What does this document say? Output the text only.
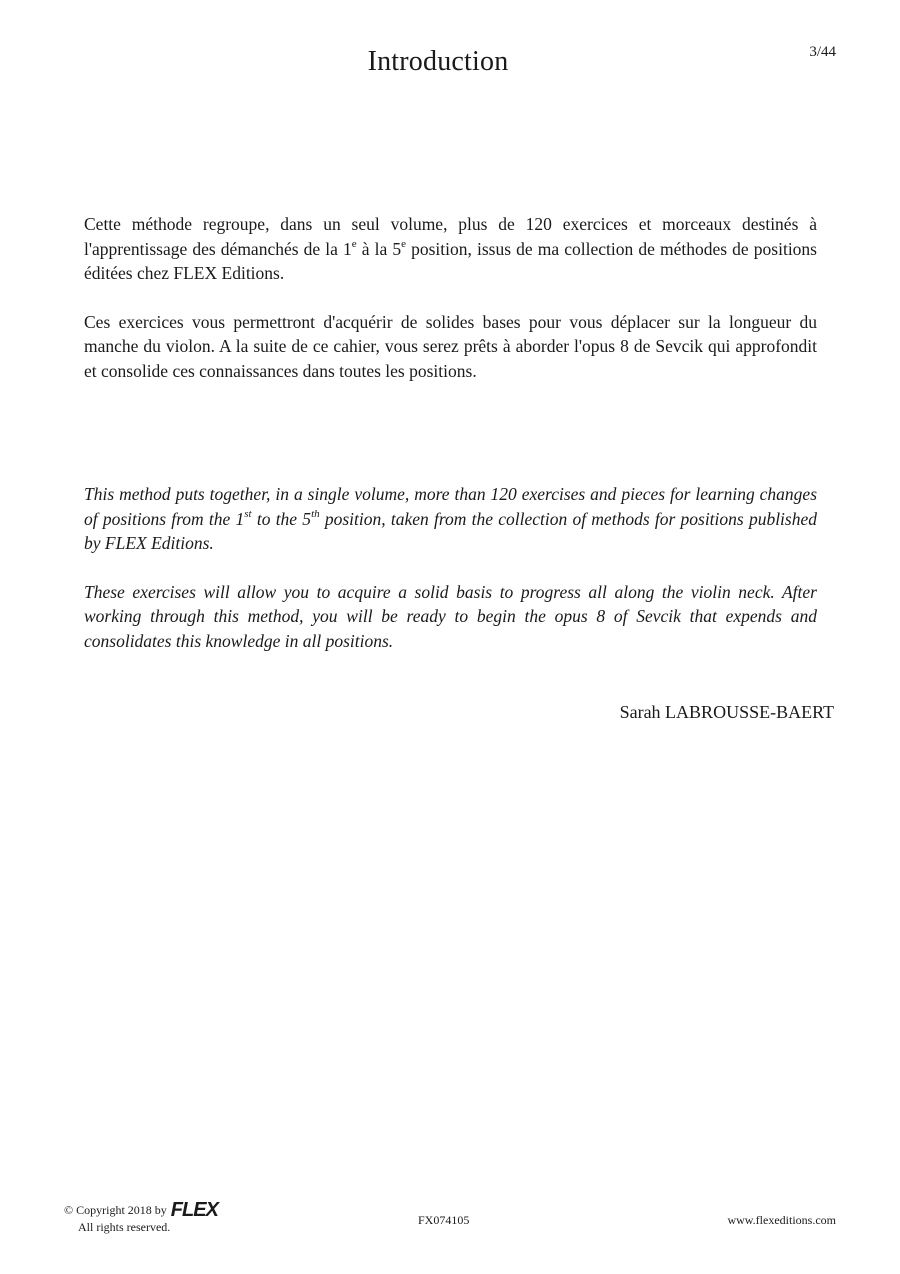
3/44
Introduction

Cette méthode regroupe, dans un seul volume, plus de 120 exercices et morceaux destinés à l'apprentissage des démanchés de la 1e à la 5e position, issus de ma collection de méthodes de positions éditées chez FLEX Editions.

Ces exercices vous permettront d'acquérir de solides bases pour vous déplacer sur la longueur du manche du violon. A la suite de ce cahier, vous serez prêts à aborder l'opus 8 de Sevcik qui approfondit et consolide ces connaissances dans toutes les positions.

This method puts together, in a single volume, more than 120 exercises and pieces for learning changes of positions from the 1st to the 5th position, taken from the collection of methods for positions published by FLEX Editions.

These exercises will allow you to acquire a solid basis to progress all along the violin neck. After working through this method, you will be ready to begin the opus 8 of Sevcik that expends and consolidates this knowledge in all positions.

Sarah LABROUSSE-BAERT
© Copyright 2018 by FLEX
All rights reserved.	FX074105	www.flexeditions.com
